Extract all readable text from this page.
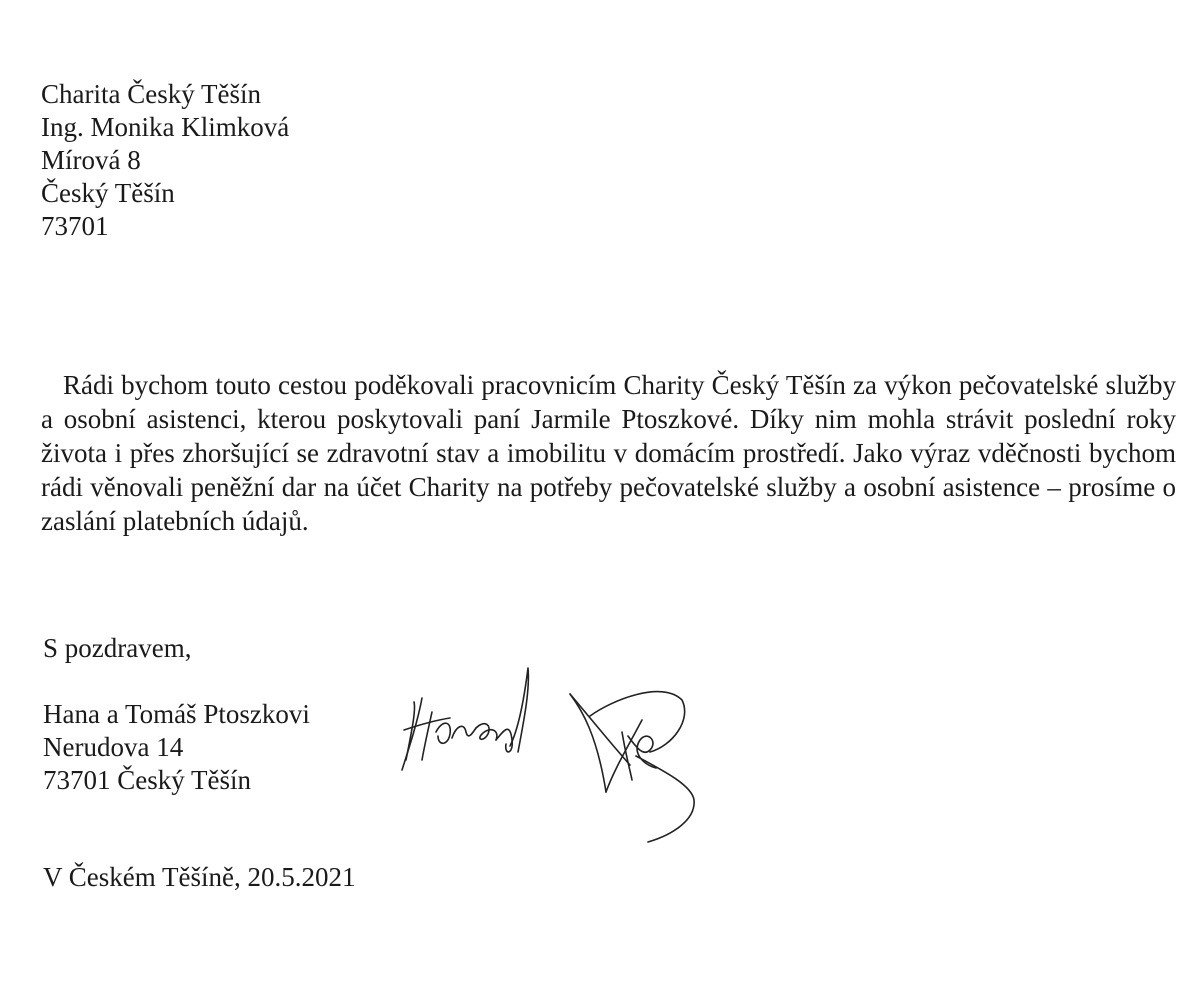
Charita Český Těšín
Ing. Monika Klimková
Mírová 8
Český Těšín
73701

Rádi bychom touto cestou poděkovali pracovnicím Charity Český Těšín za výkon pečovatelské služby a osobní asistenci, kterou poskytovali paní Jarmile Ptoszkové. Díky nim mohla strávit poslední roky života i přes zhoršující se zdravotní stav a imobilitu v domácím prostředí. Jako výraz vděčnosti bychom rádi věnovali peněžní dar na účet Charity na potřeby pečovatelské služby a osobní asistence – prosíme o zaslání platebních údajů.

S pozdravem,
Hana a Tomáš Ptoszkovi
Nerudova 14
73701 Český Těšín
V Českém Těšíně, 20.5.2021
